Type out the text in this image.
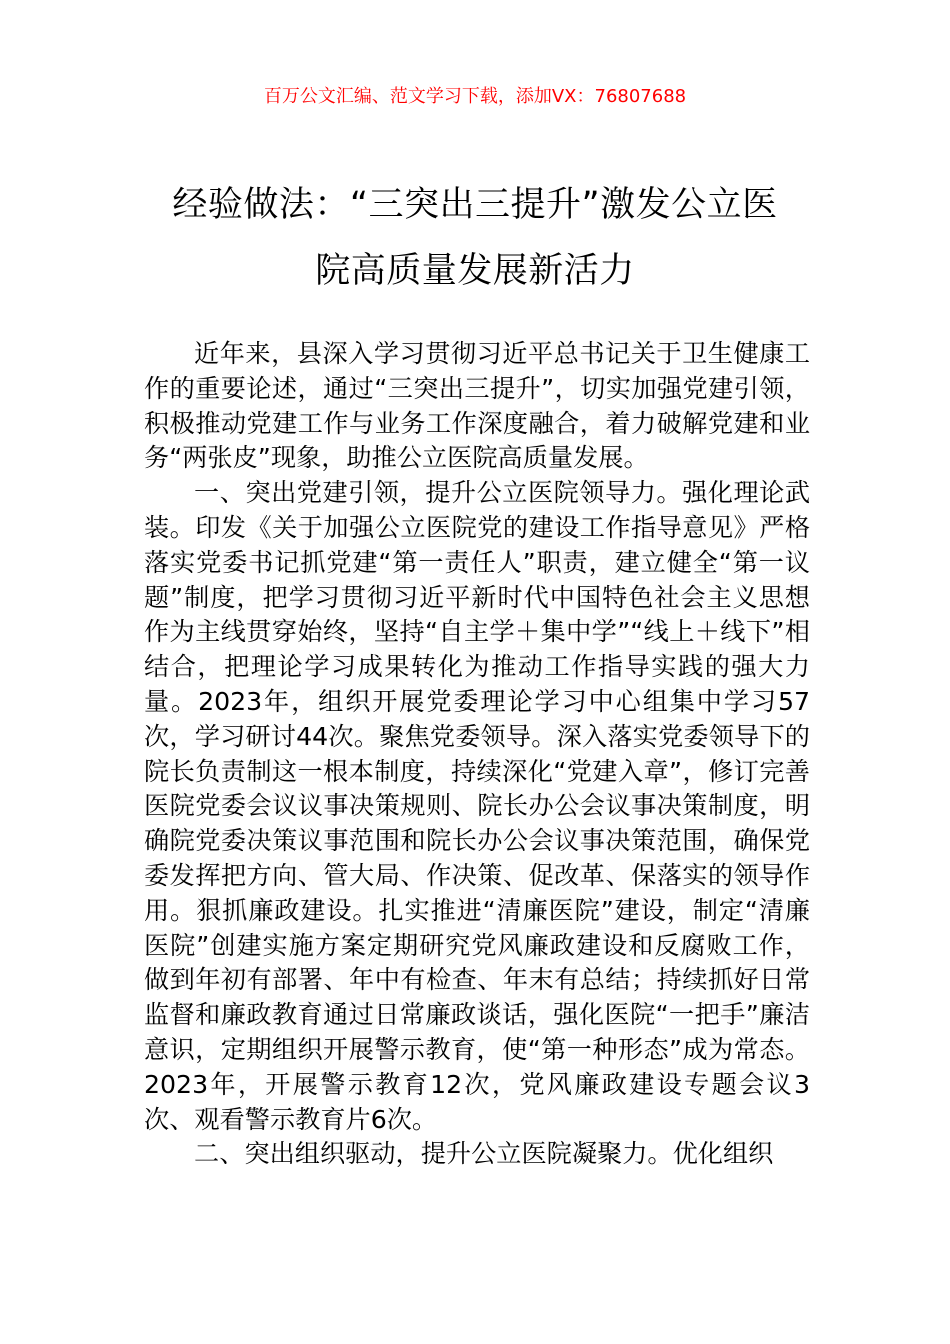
百万公文汇编、范文学习下载，添加VX：76807688
经验做法：“三突出三提升”激发公立医
院高质量发展新活力

近年来，县深入学习贯彻习近平总书记关于卫生健康工作的重要论述，通过“三突出三提升”，切实加强党建引领，积极推动党建工作与业务工作深度融合，着力破解党建和业务“两张皮”现象，助推公立医院高质量发展。

一、突出党建引领，提升公立医院领导力。强化理论武装。印发《关于加强公立医院党的建设工作指导意见》严格落实党委书记抓党建“第一责任人”职责，建立健全“第一议题”制度，把学习贯彻习近平新时代中国特色社会主义思想作为主线贯穿始终，坚持“自主学＋集中学”“线上＋线下”相结合，把理论学习成果转化为推动工作指导实践的强大力量。2023年，组织开展党委理论学习中心组集中学习57次，学习研讨44次。聚焦党委领导。深入落实党委领导下的院长负责制这一根本制度，持续深化“党建入章”，修订完善医院党委会议议事决策规则、院长办公会议事决策制度，明确院党委决策议事范围和院长办公会议事决策范围，确保党委发挥把方向、管大局、作决策、促改革、保落实的领导作用。狠抓廉政建设。扎实推进“清廉医院”建设，制定“清廉医院”创建实施方案定期研究党风廉政建设和反腐败工作，做到年初有部署、年中有检查、年末有总结；持续抓好日常监督和廉政教育通过日常廉政谈话，强化医院“一把手”廉洁意识，定期组织开展警示教育，使“第一种形态”成为常态。2023年，开展警示教育12次，党风廉政建设专题会议3次、观看警示教育片6次。

二、突出组织驱动，提升公立医院凝聚力。优化组织
